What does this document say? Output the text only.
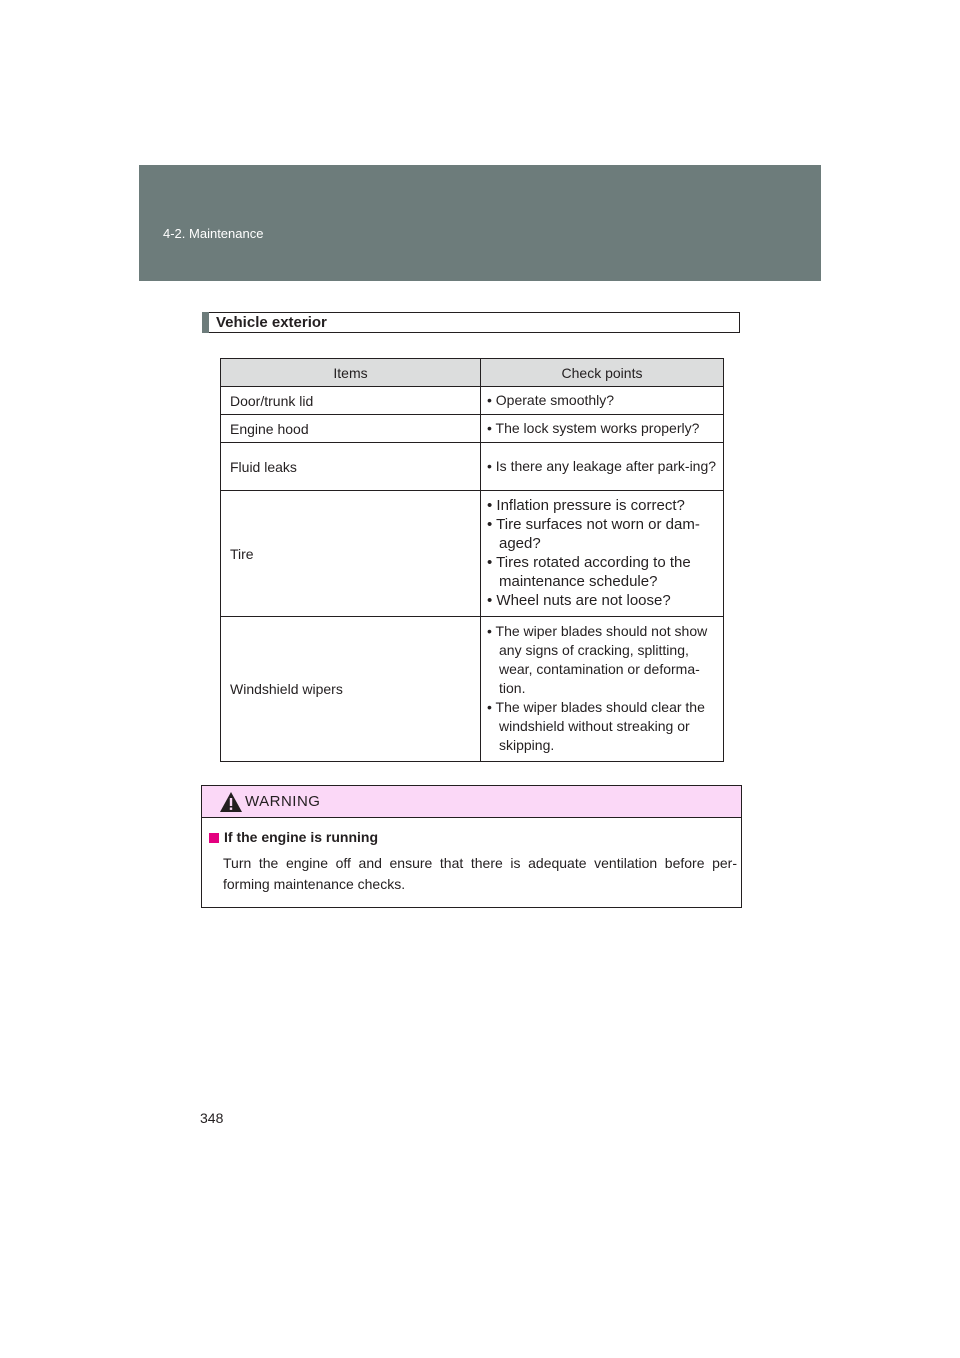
4-2. Maintenance
Vehicle exterior
Items	Check points
Door/trunk lid	• Operate smoothly?

Engine hood	• The lock system works properly?

Fluid leaks	• Is there any leakage after park-ing?

Tire	• Inflation pressure is correct?
• Tire surfaces not worn or dam-aged?
• Tires rotated according to the maintenance schedule?
• Wheel nuts are not loose?

Windshield wipers	• The wiper blades should not show any signs of cracking, splitting, wear, contamination or deforma-tion.
• The wiper blades should clear the windshield without streaking or skipping.
WARNING
If the engine is running
Turn the engine off and ensure that there is adequate ventilation before per-forming maintenance checks.
348
